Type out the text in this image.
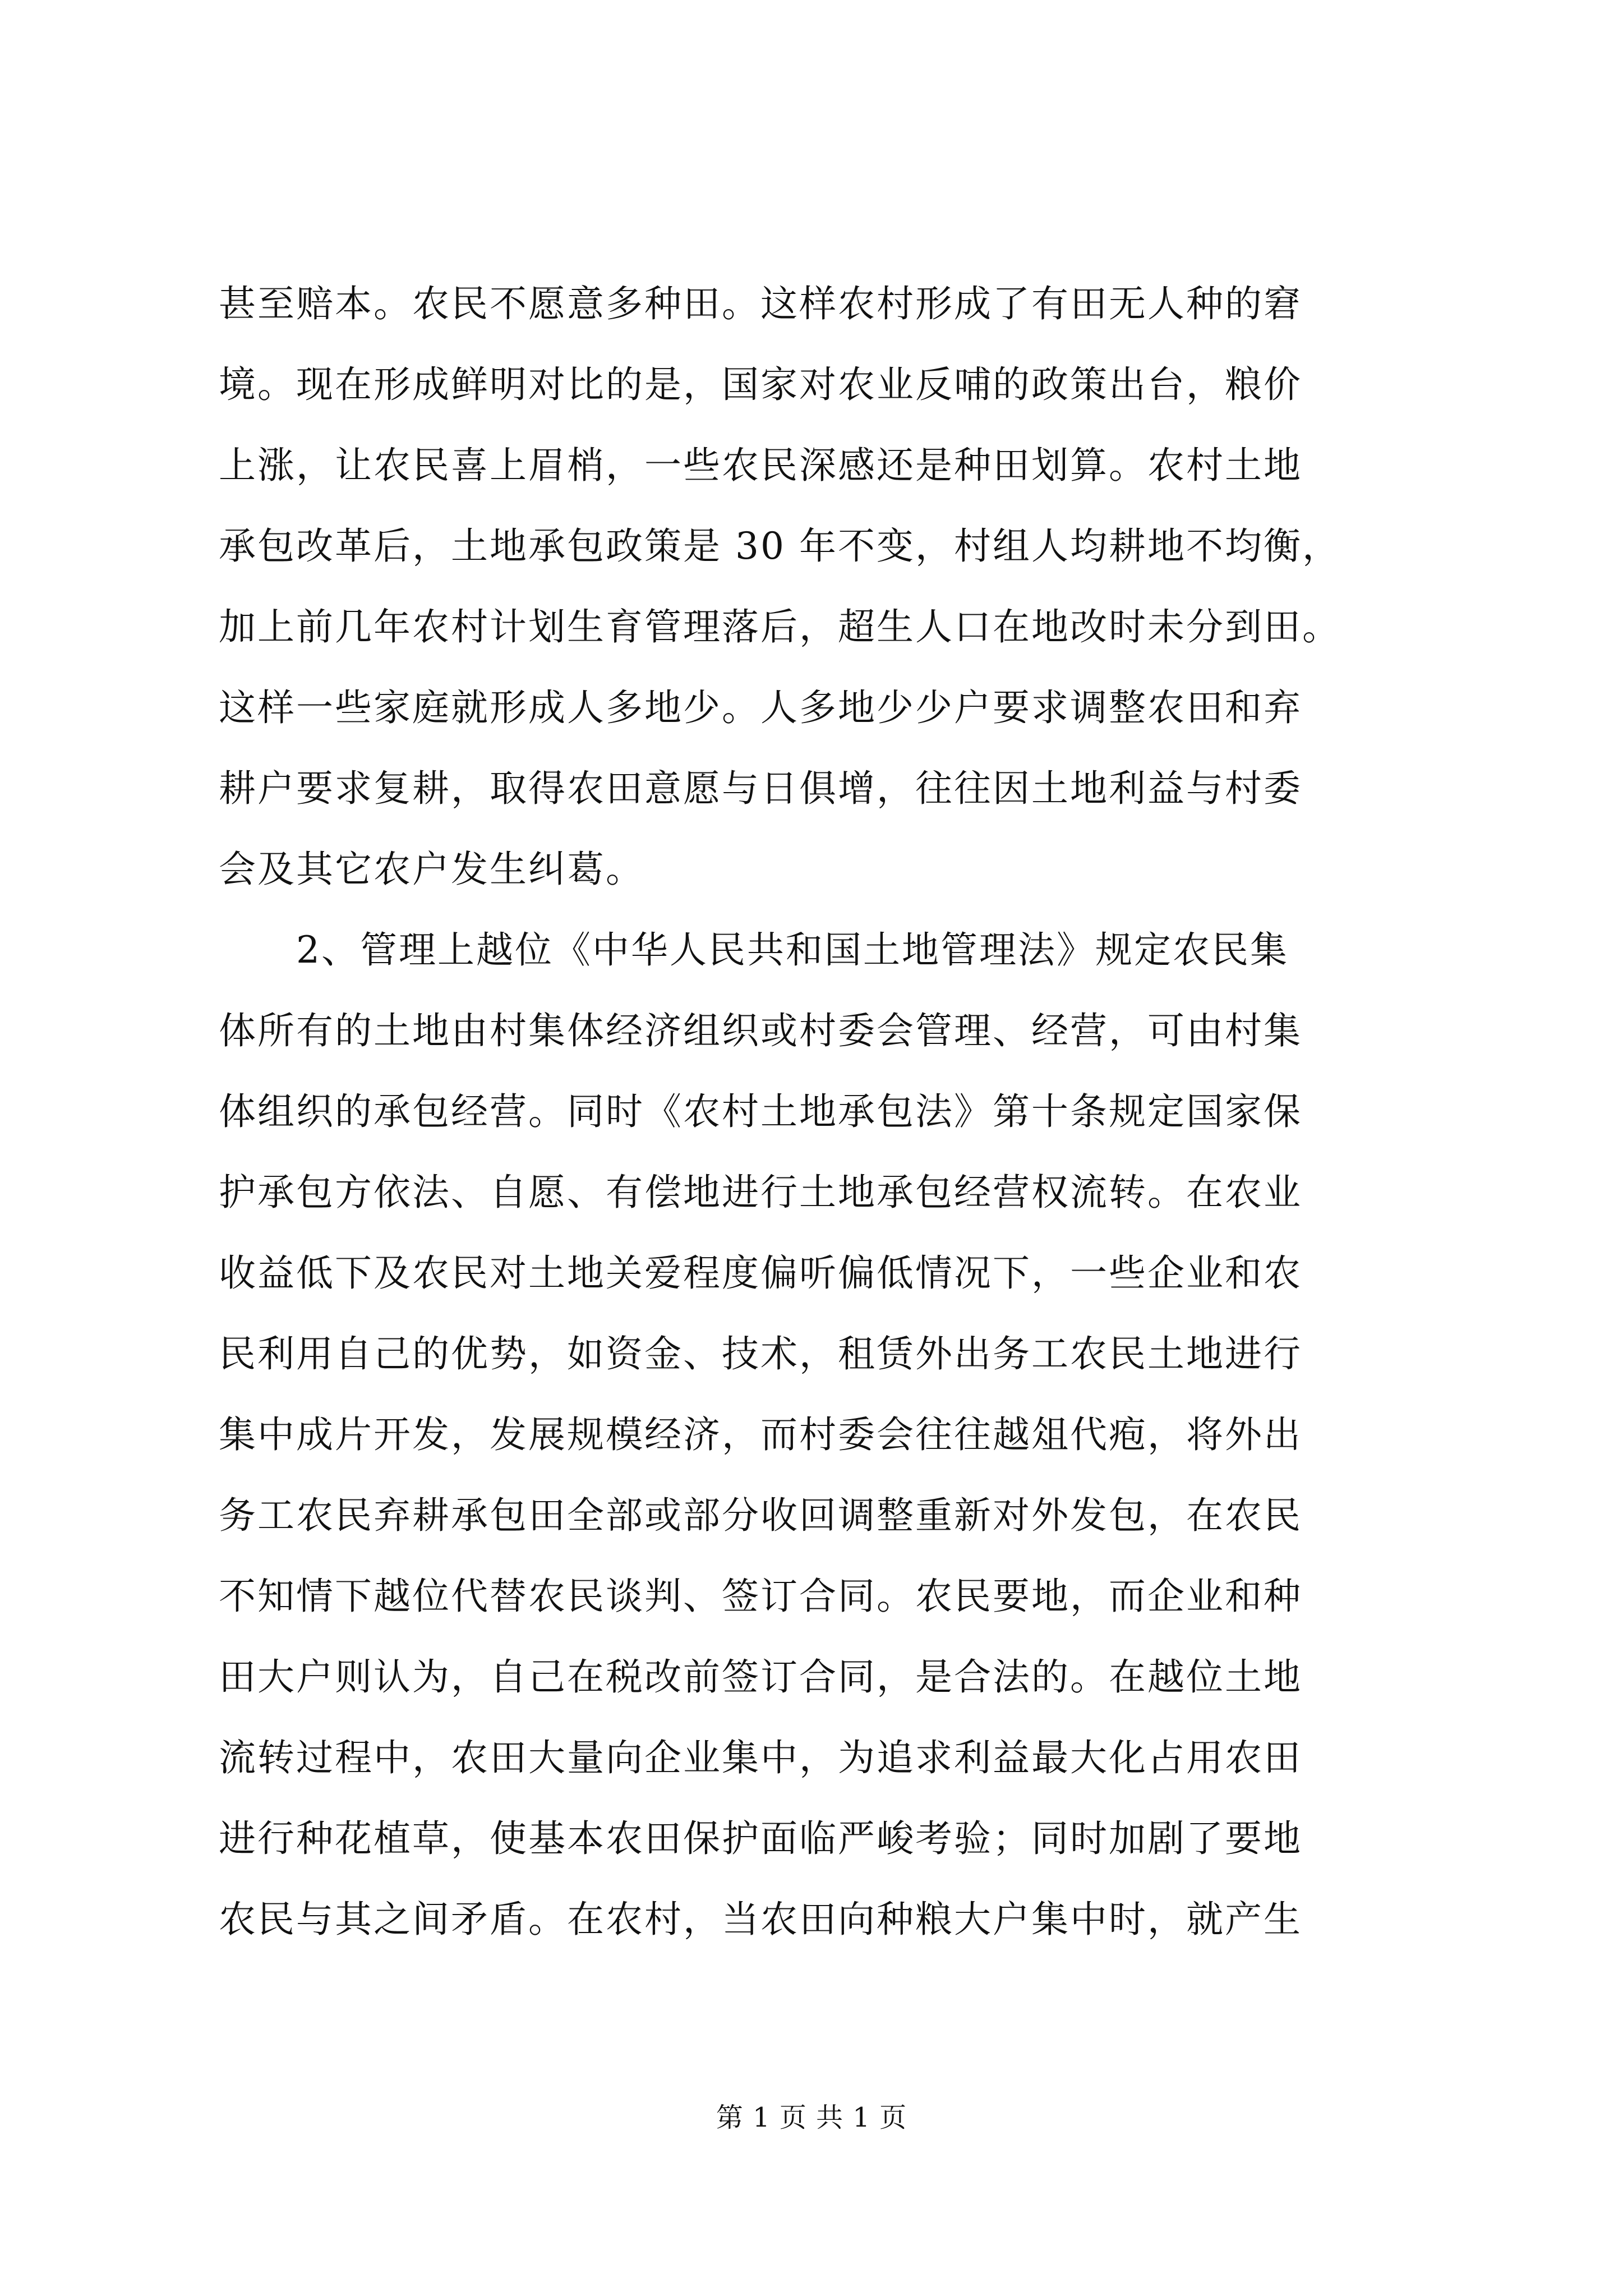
甚至赔本。农民不愿意多种田。这样农村形成了有田无人种的窘
境。现在形成鲜明对比的是，国家对农业反哺的政策出台，粮价
上涨，让农民喜上眉梢，一些农民深感还是种田划算。农村土地
承包改革后，土地承包政策是 30 年不变，村组人均耕地不均衡，
加上前几年农村计划生育管理落后，超生人口在地改时未分到田。
这样一些家庭就形成人多地少。人多地少少户要求调整农田和弃
耕户要求复耕，取得农田意愿与日俱增，往往因土地利益与村委
会及其它农户发生纠葛。
　　2、管理上越位《中华人民共和国土地管理法》规定农民集
体所有的土地由村集体经济组织或村委会管理、经营，可由村集
体组织的承包经营。同时《农村土地承包法》第十条规定国家保
护承包方依法、自愿、有偿地进行土地承包经营权流转。在农业
收益低下及农民对土地关爱程度偏听偏低情况下，一些企业和农
民利用自己的优势，如资金、技术，租赁外出务工农民土地进行
集中成片开发，发展规模经济，而村委会往往越俎代疱，将外出
务工农民弃耕承包田全部或部分收回调整重新对外发包，在农民
不知情下越位代替农民谈判、签订合同。农民要地，而企业和种
田大户则认为，自己在税改前签订合同，是合法的。在越位土地
流转过程中，农田大量向企业集中，为追求利益最大化占用农田
进行种花植草，使基本农田保护面临严峻考验；同时加剧了要地
农民与其之间矛盾。在农村，当农田向种粮大户集中时，就产生
第 1 页 共 1 页
